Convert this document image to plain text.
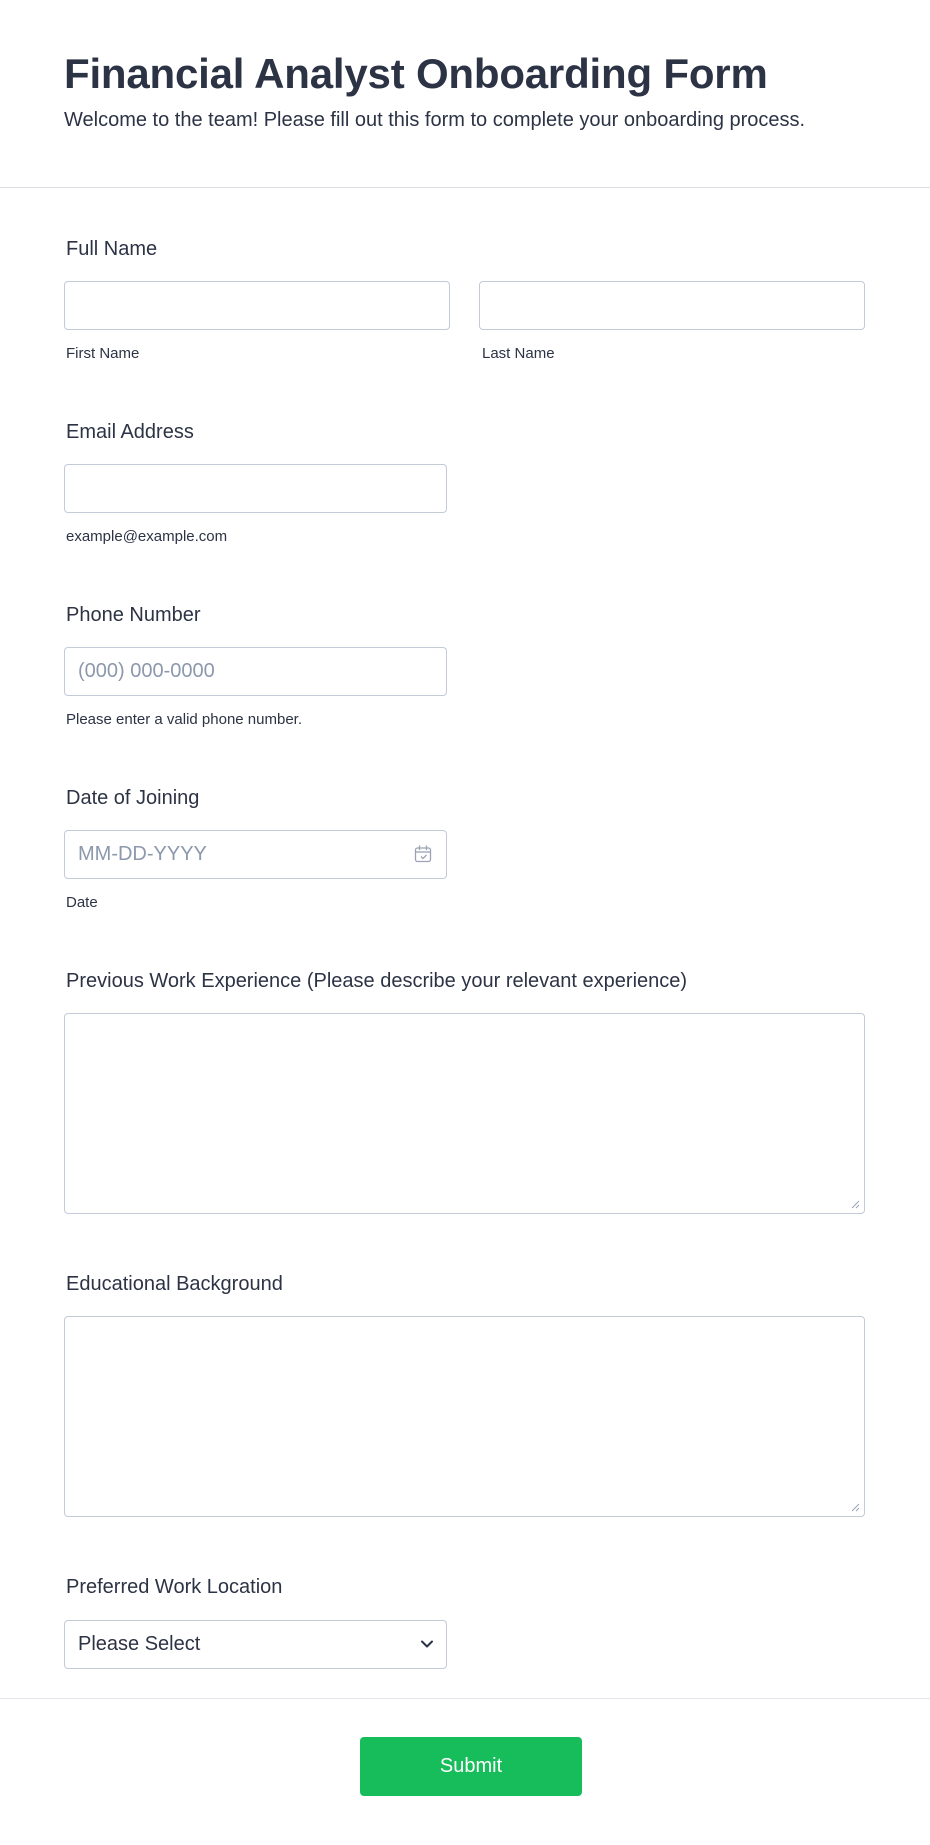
Financial Analyst Onboarding Form

Welcome to the team! Please fill out this form to complete your onboarding process.

Full Name
First Name	Last Name
Email Address
example@example.com
Phone Number
(000) 000-0000
Please enter a valid phone number.
Date of Joining
MM-DD-YYYY
Date
Previous Work Experience (Please describe your relevant experience)
Educational Background
Preferred Work Location
Please Select
Submit
